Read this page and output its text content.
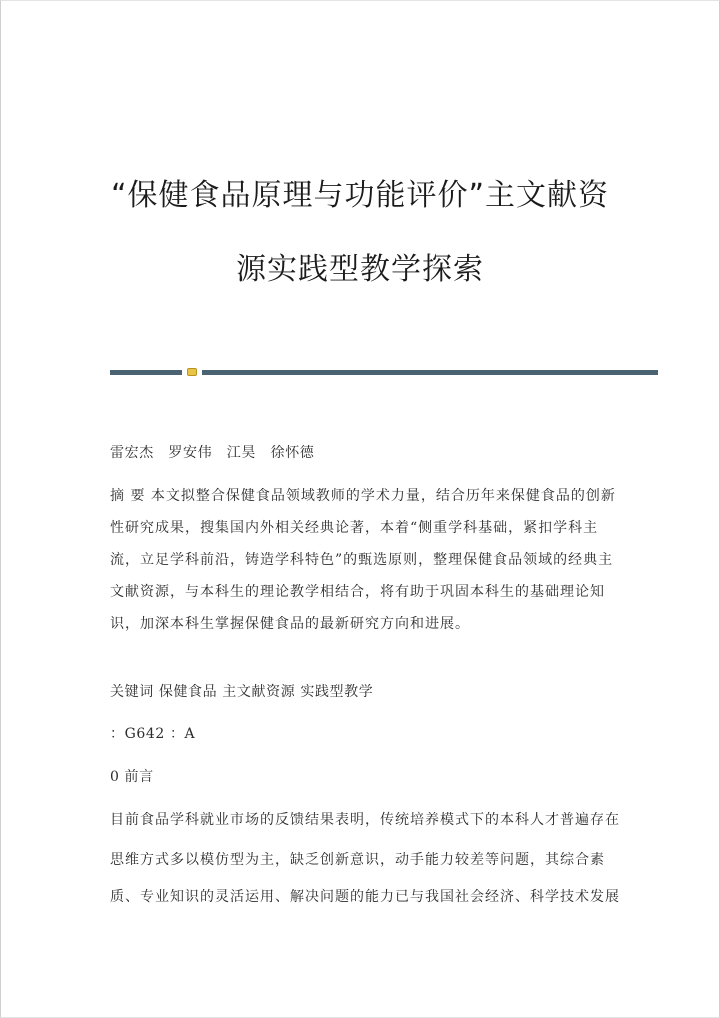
“保健食品原理与功能评价”主文献资
源实践型教学探索
雷宏杰　罗安伟　江昊　徐怀德
摘 要 本文拟整合保健食品领域教师的学术力量，结合历年来保健食品的创新
性研究成果，搜集国内外相关经典论著，本着“侧重学科基础，紧扣学科主
流，立足学科前沿，铸造学科特色”的甄选原则，整理保健食品领域的经典主
文献资源，与本科生的理论教学相结合，将有助于巩固本科生的基础理论知
识，加深本科生掌握保健食品的最新研究方向和进展。
关键词 保健食品 主文献资源 实践型教学
：G642 ：A
0 前言
目前食品学科就业市场的反馈结果表明，传统培养模式下的本科人才普遍存在
思维方式多以模仿型为主，缺乏创新意识，动手能力较差等问题，其综合素
质、专业知识的灵活运用、解决问题的能力已与我国社会经济、科学技术发展
